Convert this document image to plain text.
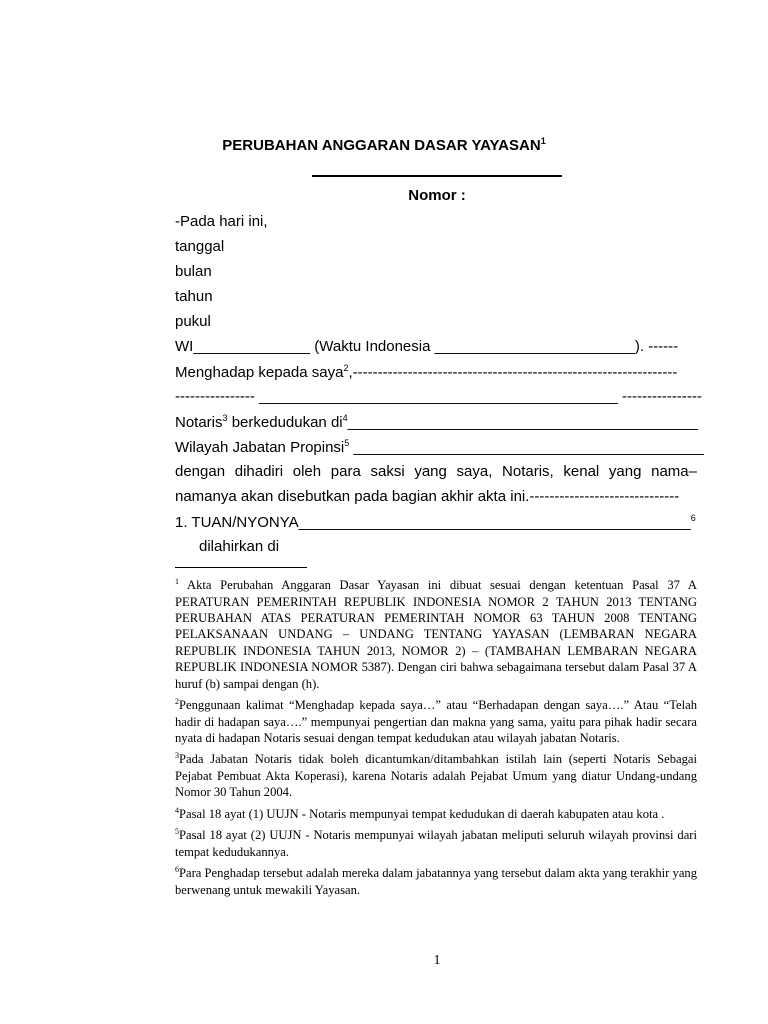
PERUBAHAN ANGGARAN DASAR YAYASAN$^1$
Nomor :
-Pada hari ini,
tanggal
bulan
tahun
pukul
WI______________ (Waktu Indonesia ________________________). ------
Menghadap kepada saya$^2$,-----------------------------------------------------------------
---------------- ___________________________________________ ----------------
Notaris$^3$ berkedudukan $di^4\_\_\_\_\_\_\_\_\_\_\_\_\_\_\_\_\_\_\_\_\_\_\_\_\_\_\_\_\_\_\_\_\_\_\_\_\_\_\_\_\_\_$
Wilayah Jabatan Propinsi$^5$ __________________________________________
dengan dihadiri oleh para saksi yang saya, Notaris, kenal yang nama–
namanya akan disebutkan pada bagian akhir akta ini.------------------------------
1. TUAN/NYONYA_______________________________________________$^6$
dilahirkan di
$^1$ Akta Perubahan Anggaran Dasar Yayasan ini dibuat sesuai dengan ketentuan Pasal 37 A PERATURAN PEMERINTAH REPUBLIK INDONESIA NOMOR 2 TAHUN 2013 TENTANG PERUBAHAN ATAS PERATURAN PEMERINTAH NOMOR 63 TAHUN 2008 TENTANG PELAKSANAAN UNDANG – UNDANG TENTANG YAYASAN (LEMBARAN NEGARA REPUBLIK INDONESIA TAHUN 2013, NOMOR 2) – (TAMBAHAN LEMBARAN NEGARA REPUBLIK INDONESIA NOMOR 5387). Dengan ciri bahwa sebagaimana tersebut dalam Pasal 37 A huruf (b) sampai dengan (h).
$^2$Penggunaan kalimat “Menghadap kepada saya…” atau “Berhadapan dengan saya….” Atau “Telah hadir di hadapan saya….” mempunyai pengertian dan makna yang sama, yaitu para pihak hadir secara nyata di hadapan Notaris sesuai dengan tempat kedudukan atau wilayah jabatan Notaris.
$^3$Pada Jabatan Notaris tidak boleh dicantumkan/ditambahkan istilah lain (seperti Notaris Sebagai Pejabat Pembuat Akta Koperasi), karena Notaris adalah Pejabat Umum yang diatur Undang-undang Nomor 30 Tahun 2004.
$^4$Pasal 18 ayat (1) UUJN - Notaris mempunyai tempat kedudukan di daerah kabupaten atau kota .
$^5$Pasal 18 ayat (2) UUJN - Notaris mempunyai wilayah jabatan meliputi seluruh wilayah provinsi dari tempat kedudukannya.
$^6$Para Penghadap tersebut adalah mereka dalam jabatannya yang tersebut dalam akta yang terakhir yang berwenang untuk mewakili Yayasan.
1
